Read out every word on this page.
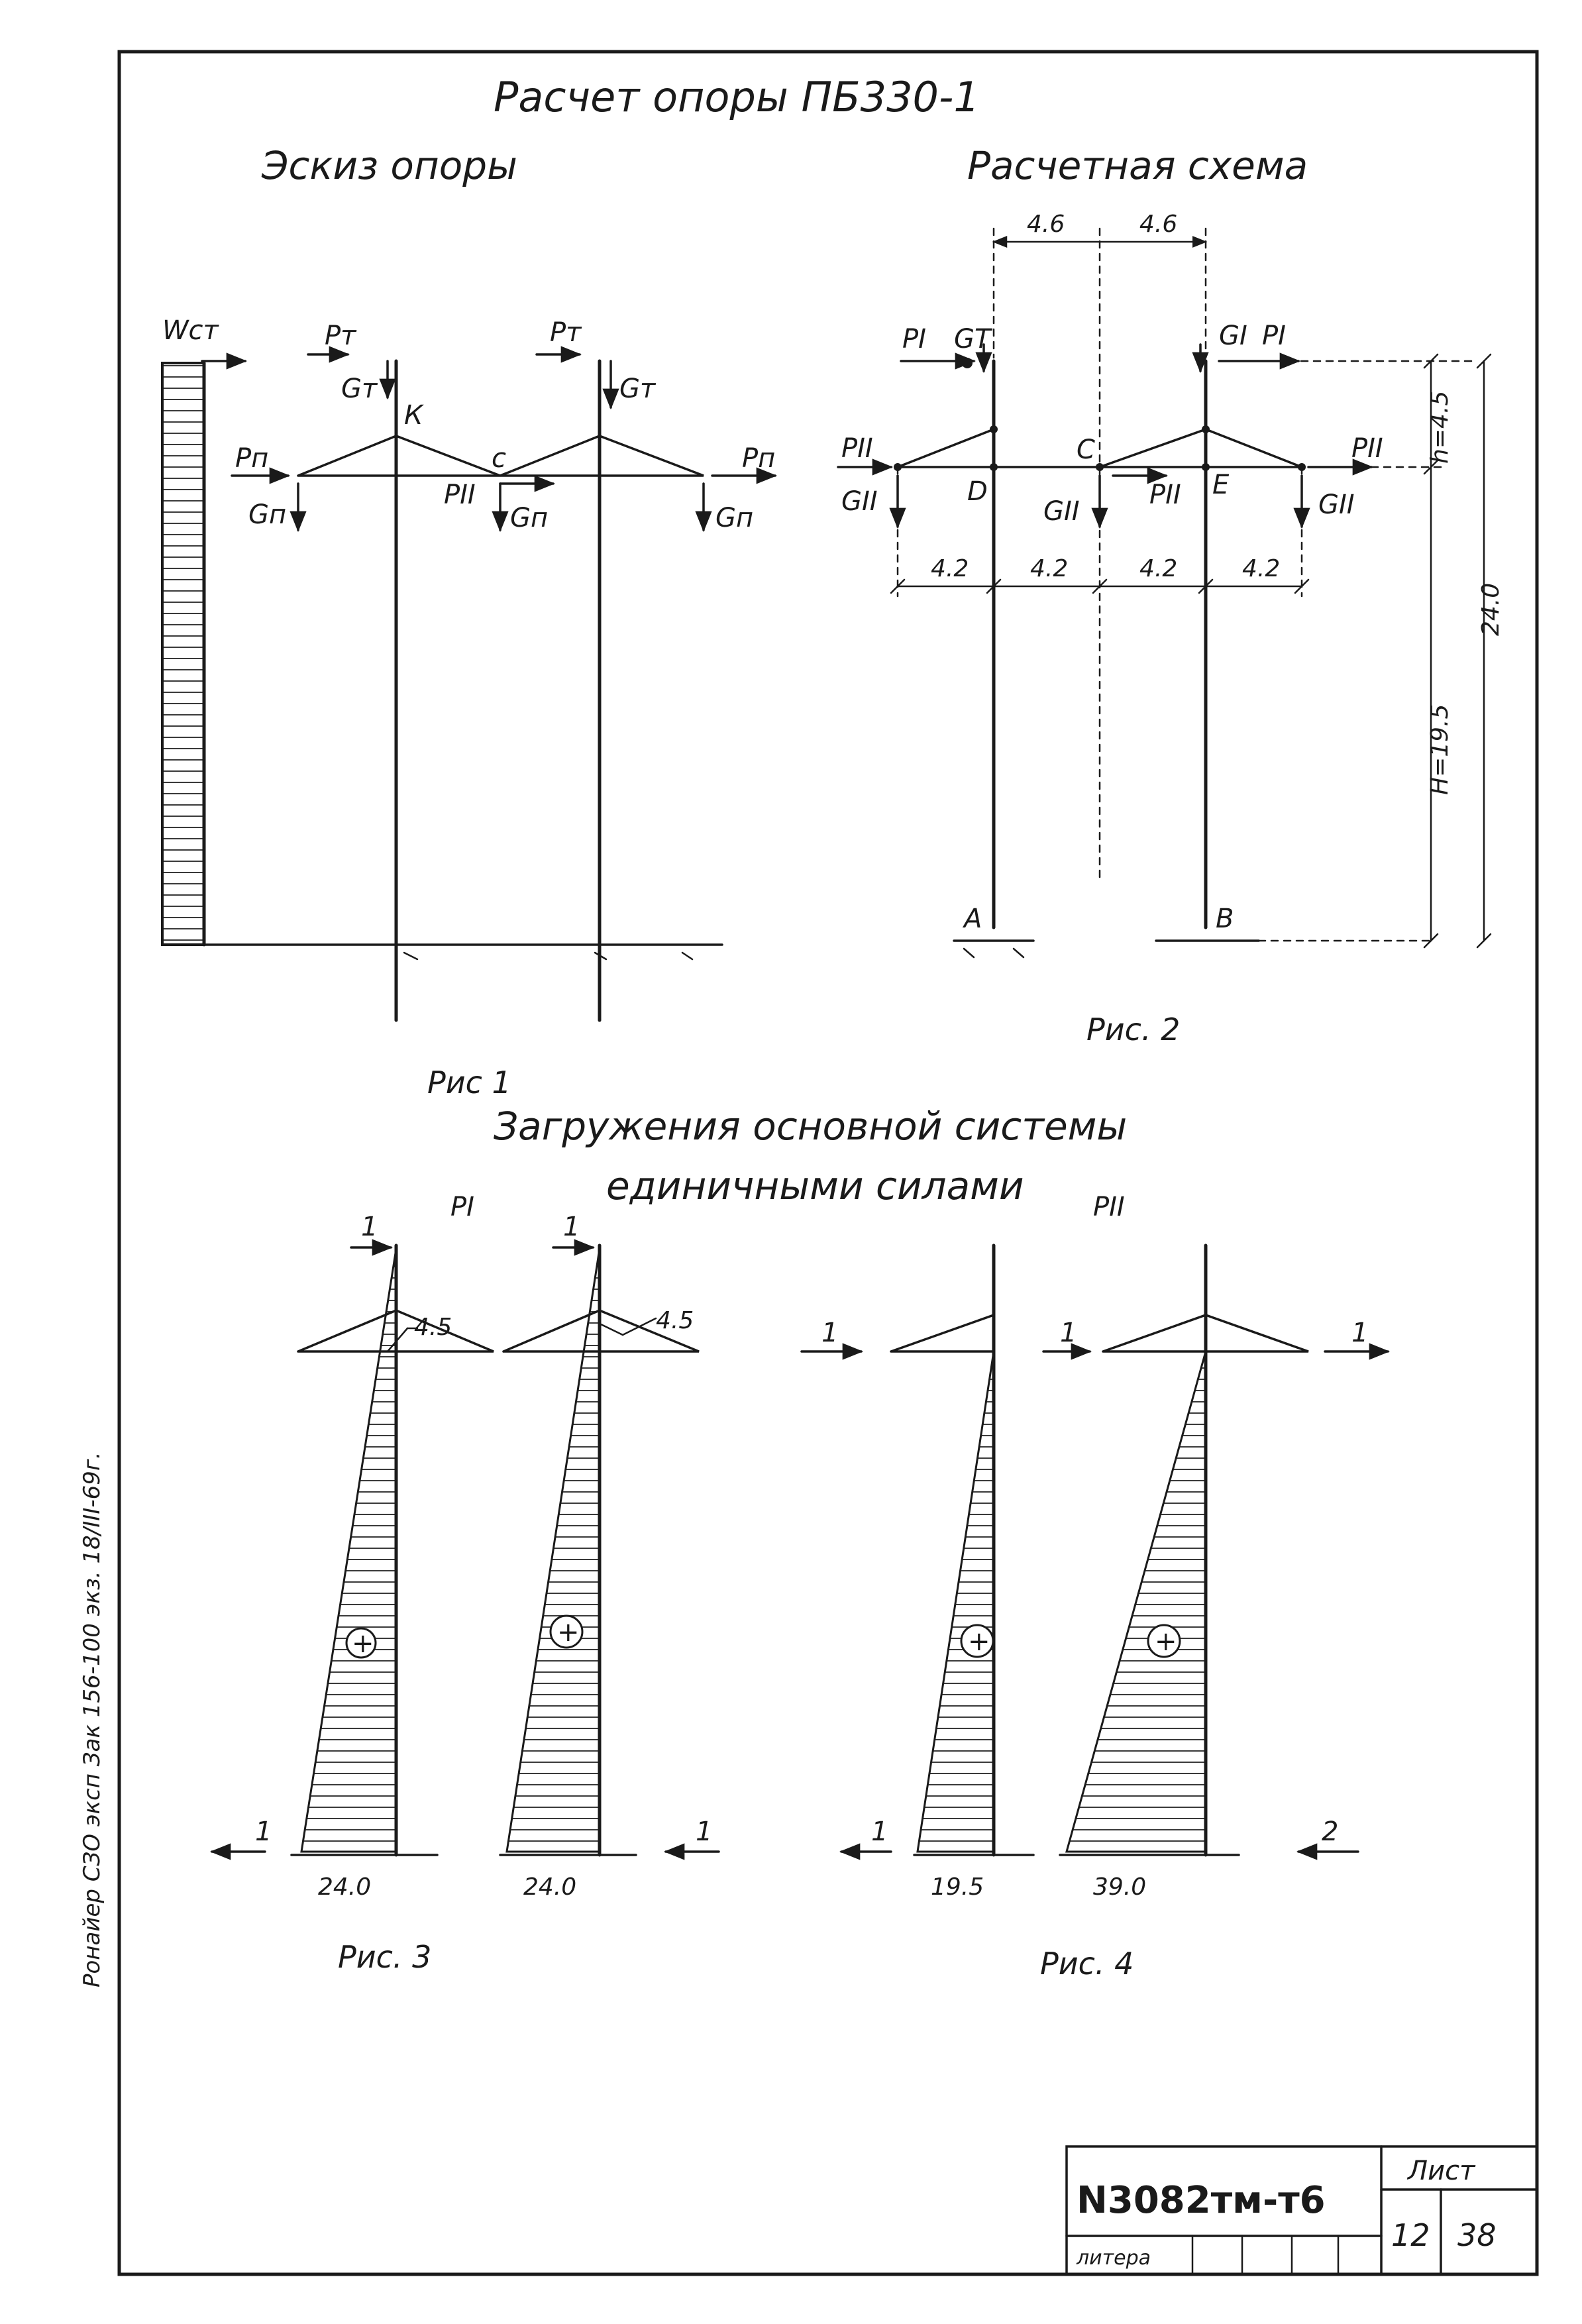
Расчет опоры ПБ330-1
Эскиз опоры	Расчетная схема
Wст	Рт
Gт
Рт
Gт
Рп	Рп
РII
Gп	Gп	Gп
К
с
Рис 1
4.6	4.6
РI GT	GI РI
РII	РII
РII
GII	GII	GII
С
D	E
4.2	4.2	4.2	4.2
h=4.5
H=19.5
24.0
А	В
Рис. 2
Загружения основной системы
единичными силами
РI
1
4.5
+
1
24.0
1
4.5
+
1
24.0
Рис. 3
РII
1
+
1
19.5
1	1
+
2
39.0
Рис. 4
Ронайер СЗО эксп Зак 156-100 экз. 18/III-69г.
N3082тм-т6
Лист
литера
12 38
